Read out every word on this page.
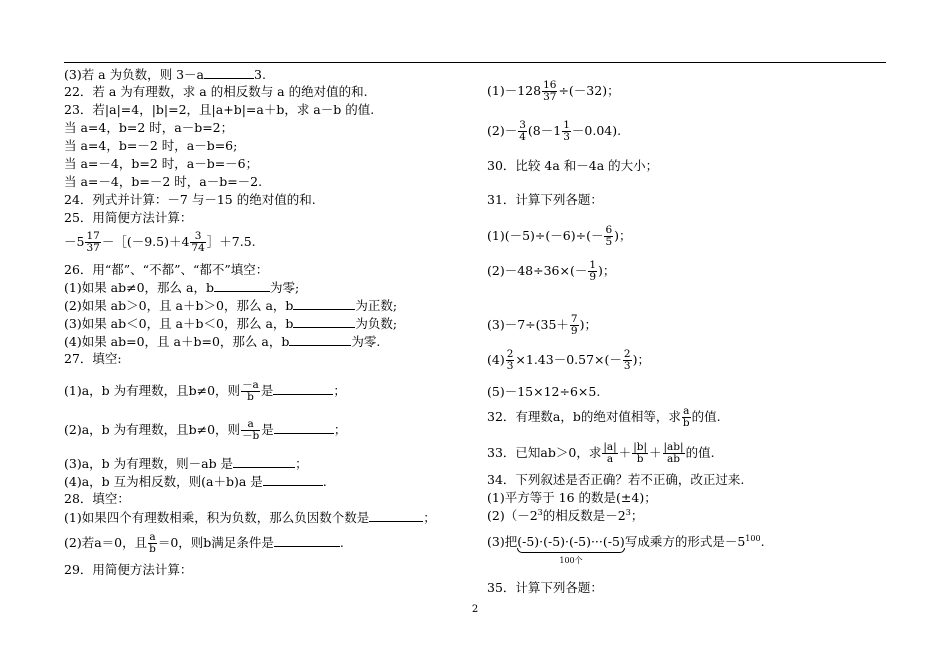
(3)若 a 为负数，则 3－a	3.
22．若 a 为有理数，求 a 的相反数与 a 的绝对值的和.
23．若|a|=4，|b|=2，且|a+b|=a＋b，求 a－b 的值.
当 a=4，b=2 时，a－b=2；
当 a=4，b=－2 时，a－b=6;
当 a=－4，b=2 时，a－b=－6；
当 a=－4，b=－2 时，a－b=－2.
24．列式并计算：－7 与－15 的绝对值的和.
25．用简便方法计算：
$-5 \frac{17}{37}$ －［(－9.5)＋4 $\frac{3}{74}$ ］＋7.5.
26．用“都”、“不都”、“都不”填空：
(1)如果 ab≠0，那么 a，b	为零;
(2)如果 ab＞0，且 a＋b＞0，那么 a，b	为正数;
(3)如果 ab＜0，且 a＋b＜0，那么 a，b	为负数;
(4)如果 ab=0，且 a＋b=0，那么 a，b	为零.
27．填空:
(1)a，b 为有理数，且b≠0，则 $\frac{-a}{b}$ 是	；
(2)a，b 为有理数，且b≠0，则 $\frac{a}{-b}$ 是	；
(3)a，b 为有理数，则－ab 是	；
(4)a，b 互为相反数，则(a＋b)a 是	.
28．填空：
(1)如果四个有理数相乘，积为负数，那么负因数个数是	；
(2)若a＝0，且 $\frac{a}{b} =0$，则b满足条件是	.
29．用简便方法计算：
$(1)-128 \frac{16}{37} \div(-32)$；
$(2)- \frac{3}{4} (8-1 \frac{1}{3} -0.04)$.
30．比较 4a 和－4a 的大小；
31．计算下列各题：
$(1)(-5)\div(-6)\div(- \frac{6}{5}$ )；
$(2)-48\div 36\times(- \frac{1}{9}$ )；
$(3)-7\div(35+ \frac{7}{9}$ )；
$(4) \frac{2}{3} \times 1.43-0.57\times(- \frac{2}{3}$ )；
(5)－15×12÷6×5.
32．有理数a，b的绝对值相等，求 $\frac{a}{b}$ 的值.
33．已知ab＞0，求 $\frac{|a|}{a} + \frac{|b|}{b} + \frac{|ab|}{ab}$ 的值.
34．下列叙述是否正确？若不正确，改正过来.
(1)平方等于 16 的数是(±4)；
$(2)(-2^3$的相反数是$-2^3$；
(3)把(-5)·(-5)·(-5)···(-5)
100个
写成乘方的形式是$-5^{100}$.
35．计算下列各题：
2
